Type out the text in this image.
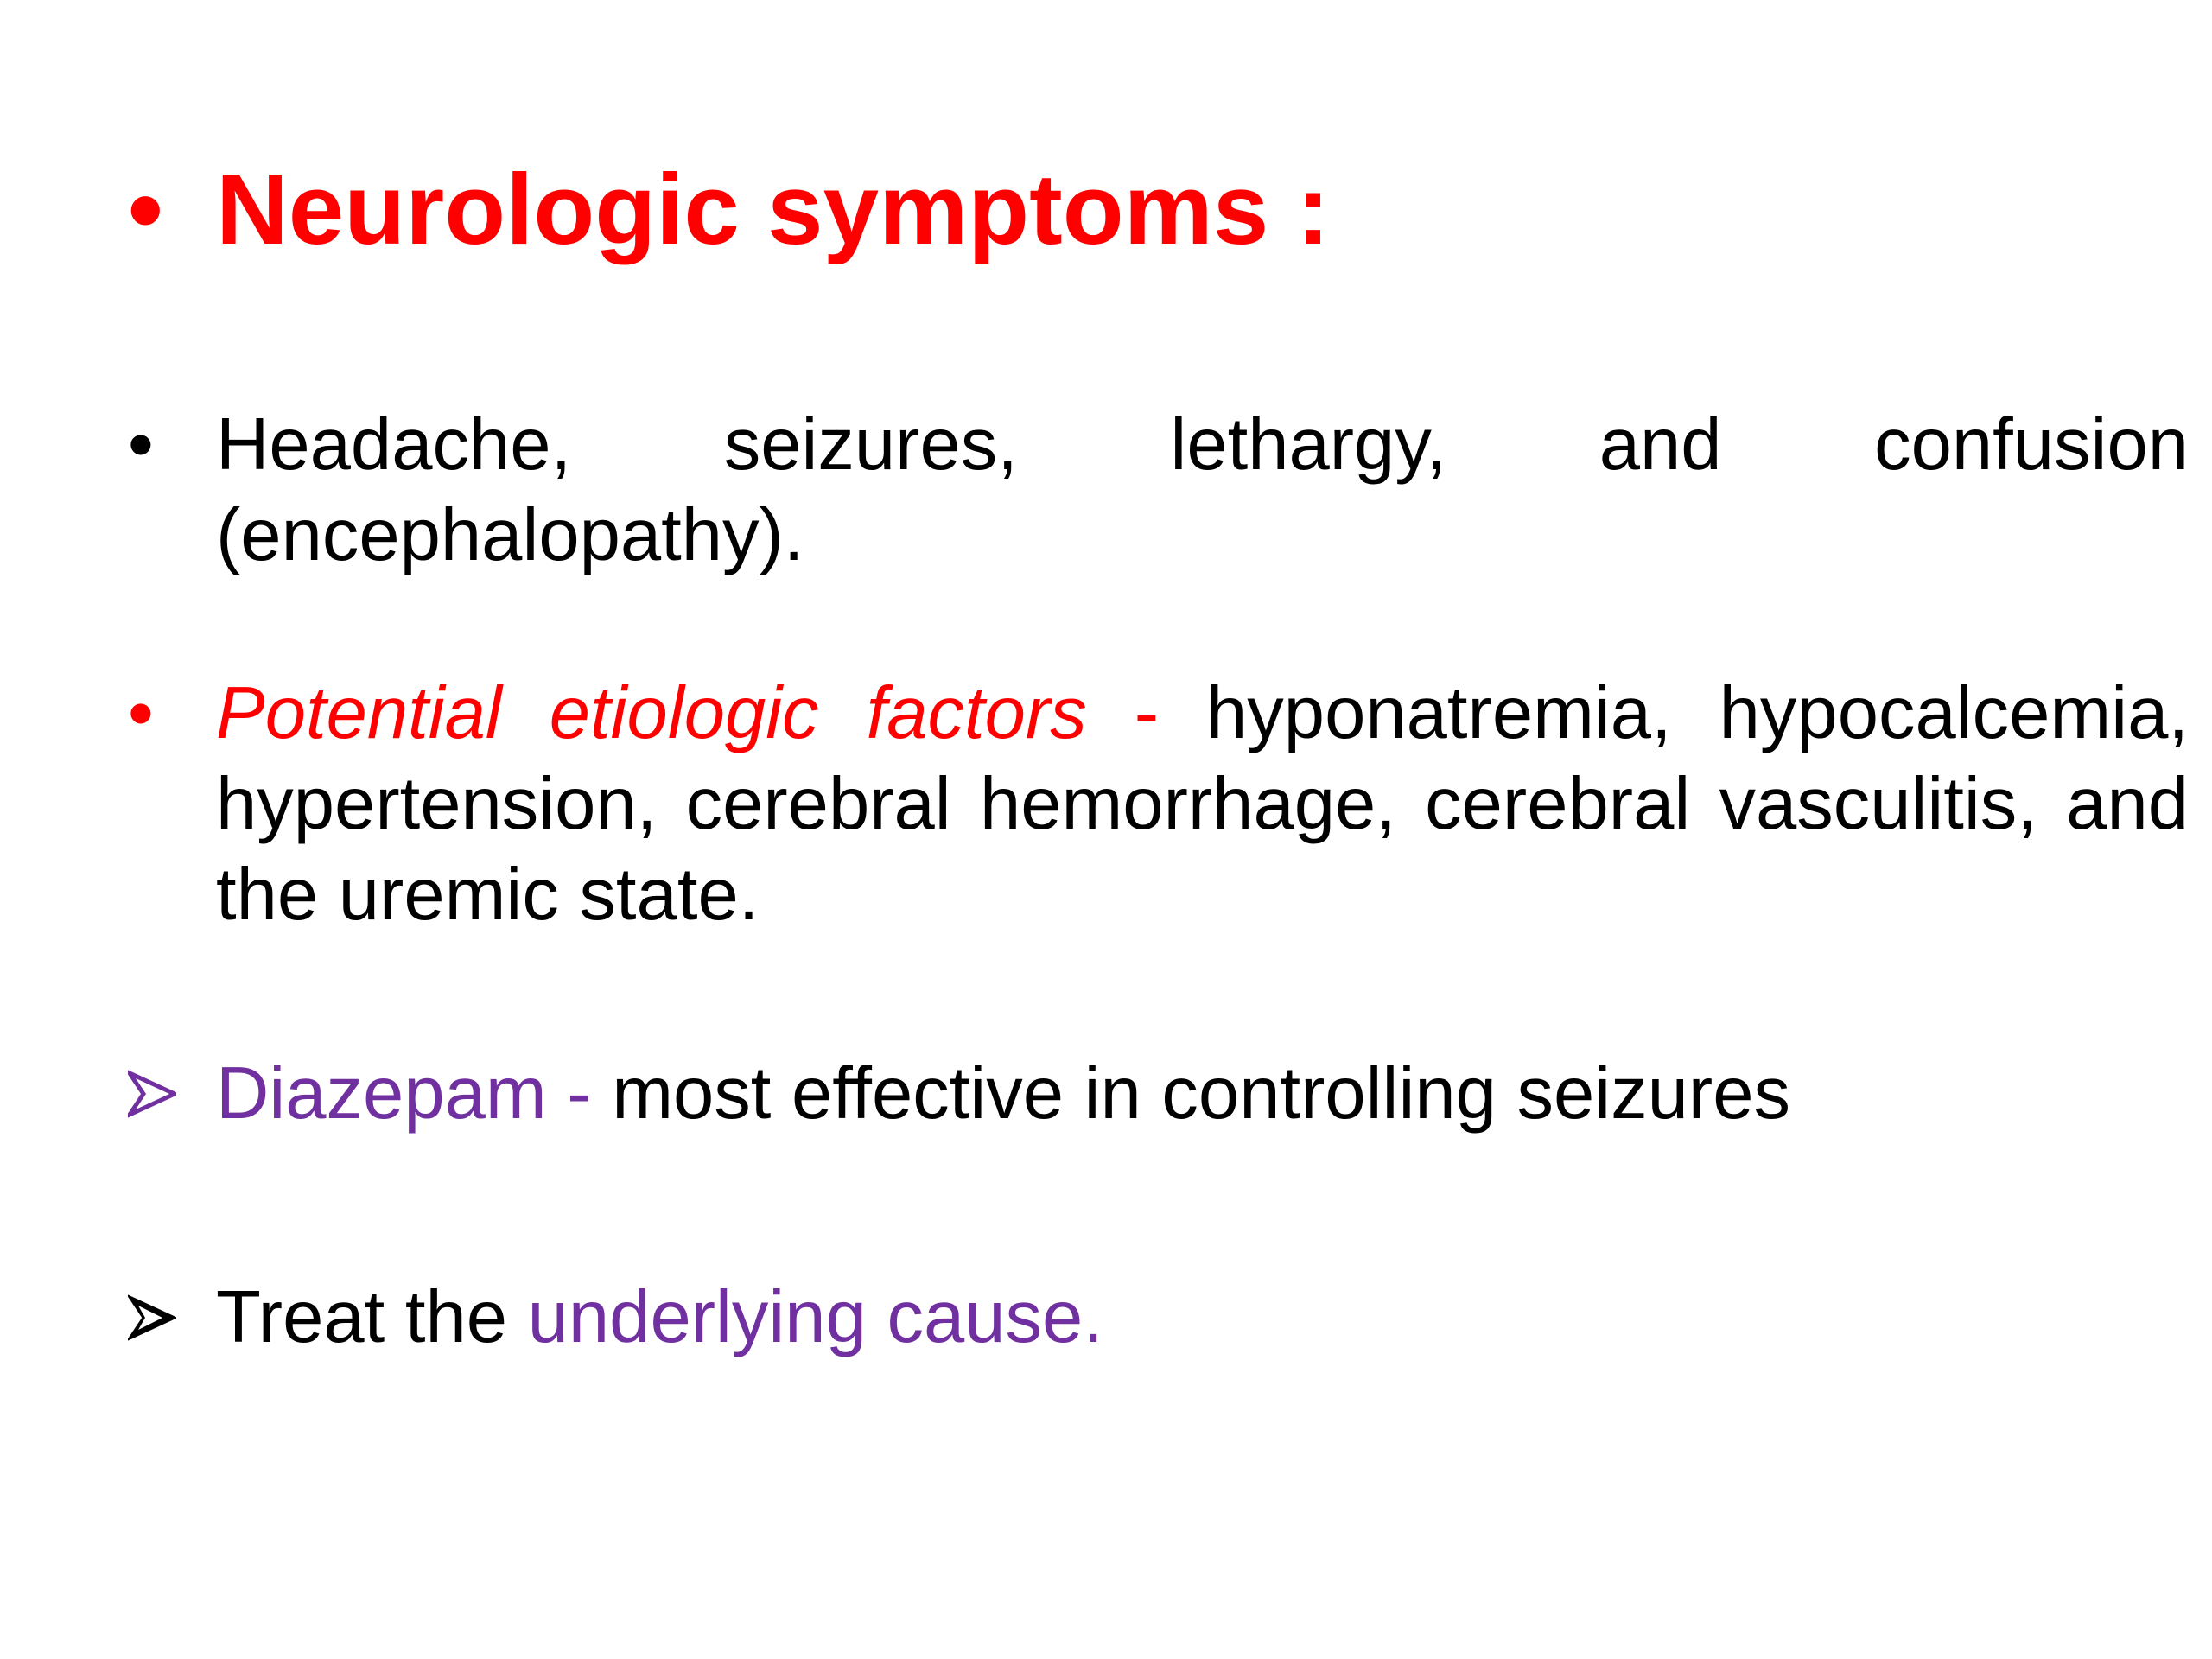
• Neurologic symptoms :
• Headache, seizures, lethargy, and confusion
(encephalopathy).
• Potential etiologic factors - hyponatremia, hypocalcemia, hypertension, cerebral hemorrhage, cerebral vasculitis, and the uremic state.
Diazepam - most effective in controlling seizures
Treat the underlying cause.
